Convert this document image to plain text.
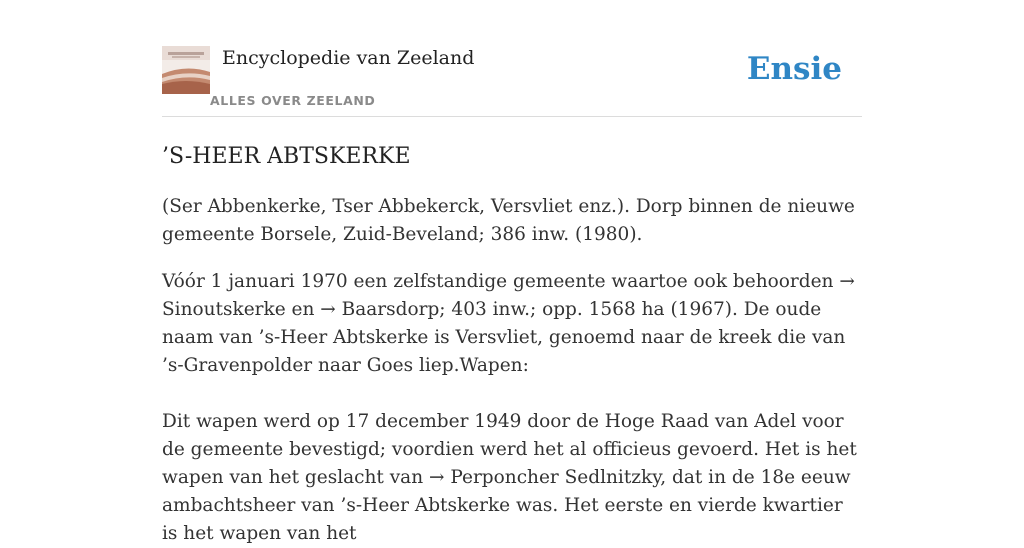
Encyclopedie van Zeeland
ALLES OVER ZEELAND
Ensie
’S-HEER ABTSKERKE

(Ser Abbenkerke, Tser Abbekerck, Versvliet enz.). Dorp binnen de nieuwe gemeente Borsele, Zuid-Beveland; 386 inw. (1980).

Vóór 1 januari 1970 een zelfstandige gemeente waartoe ook behoorden → Sinoutskerke en → Baarsdorp; 403 inw.; opp. 1568 ha (1967). De oude naam van ’s-Heer Abtskerke is Versvliet, genoemd naar de kreek die van ’s-Gravenpolder naar Goes liep.Wapen:

Dit wapen werd op 17 december 1949 door de Hoge Raad van Adel voor de gemeente bevestigd; voordien werd het al officieus gevoerd. Het is het wapen van het geslacht van → Perponcher Sedlnitzky, dat in de 18e eeuw ambachtsheer van ’s-Heer Abtskerke was. Het eerste en vierde kwartier is het wapen van het
